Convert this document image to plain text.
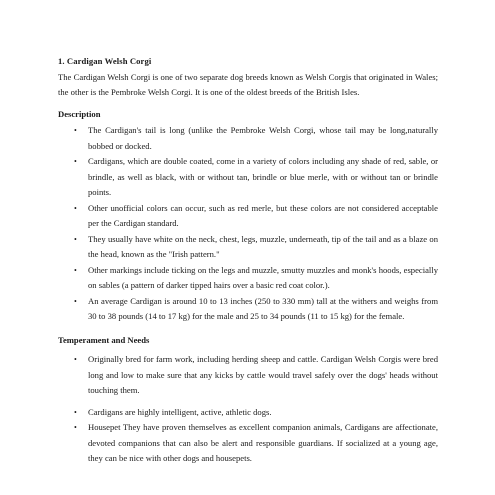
1. Cardigan Welsh Corgi

The Cardigan Welsh Corgi is one of two separate dog breeds known as Welsh Corgis that originated in Wales; the other is the Pembroke Welsh Corgi. It is one of the oldest breeds of the British Isles.

Description

• The Cardigan's tail is long (unlike the Pembroke Welsh Corgi, whose tail may be long,naturally bobbed or docked.
• Cardigans, which are double coated, come in a variety of colors including any shade of red, sable, or brindle, as well as black, with or without tan, brindle or blue merle, with or without tan or brindle points.
• Other unofficial colors can occur, such as red merle, but these colors are not considered acceptable per the Cardigan standard.
• They usually have white on the neck, chest, legs, muzzle, underneath, tip of the tail and as a blaze on the head, known as the "Irish pattern."
• Other markings include ticking on the legs and muzzle, smutty muzzles and monk's hoods, especially on sables (a pattern of darker tipped hairs over a basic red coat color.).
• An average Cardigan is around 10 to 13 inches (250 to 330 mm) tall at the withers and weighs from 30 to 38 pounds (14 to 17 kg) for the male and 25 to 34 pounds (11 to 15 kg) for the female.

Temperament and Needs

• Originally bred for farm work, including herding sheep and cattle. Cardigan Welsh Corgis were bred long and low to make sure that any kicks by cattle would travel safely over the dogs' heads without touching them.
• Cardigans are highly intelligent, active, athletic dogs.
• Housepet They have proven themselves as excellent companion animals, Cardigans are affectionate, devoted companions that can also be alert and responsible guardians. If socialized at a young age, they can be nice with other dogs and housepets.
